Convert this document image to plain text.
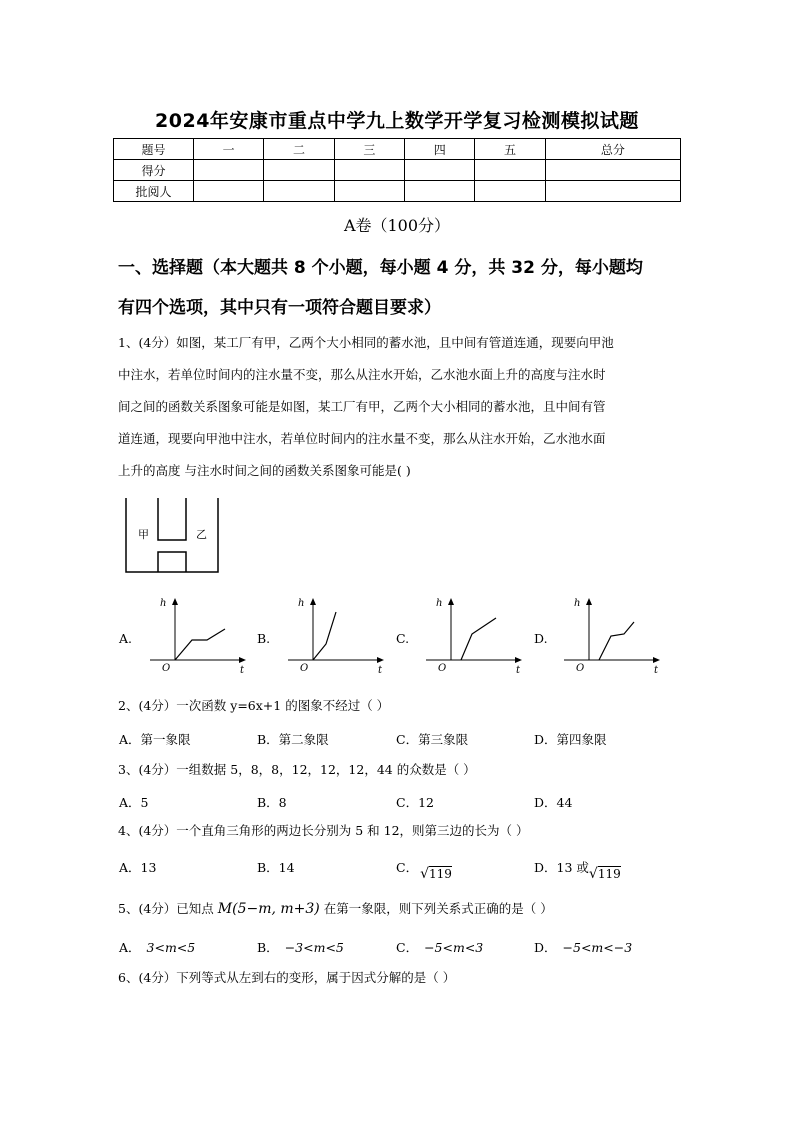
2024年安康市重点中学九上数学开学复习检测模拟试题
题号	一	二	三	四	五	总分
得分						
批阅人						
A卷（100分）
一、选择题（本大题共 8 个小题，每小题 4 分，共 32 分，每小题均
有四个选项，其中只有一项符合题目要求）
1、(4分）如图，某工厂有甲，乙两个大小相同的蓄水池，且中间有管道连通，现要向甲池
中注水，若单位时间内的注水量不变，那么从注水开始，乙水池水面上升的高度与注水时
间之间的函数关系图象可能是如图，某工厂有甲，乙两个大小相同的蓄水池，且中间有管
道连通，现要向甲池中注水，若单位时间内的注水量不变，那么从注水开始，乙水池水面
上升的高度 与注水时间之间的函数关系图象可能是( )
甲	乙
A.	B.	C.	D.
h
t
O
h
t
O
h
t
O
h
t
O
2、(4分）一次函数 y=6x+1 的图象不经过（ ）
A．第一象限	B．第二象限	C．第三象限	D．第四象限
3、(4分）一组数据 5，8，8，12，12，12，44 的众数是（ ）
A．5	B．8	C．12	D．44
4、(4分）一个直角三角形的两边长分别为 5 和 12，则第三边的长为（ ）
A．13	B．14	C． √119	D．13 或√119
5、(4分）已知点 M(5−m, m+3) 在第一象限，则下列关系式正确的是（ ）
A． 3<m<5	B． −3<m<5	C． −5<m<3	D． −5<m<−3
6、(4分）下列等式从左到右的变形，属于因式分解的是（ ）
